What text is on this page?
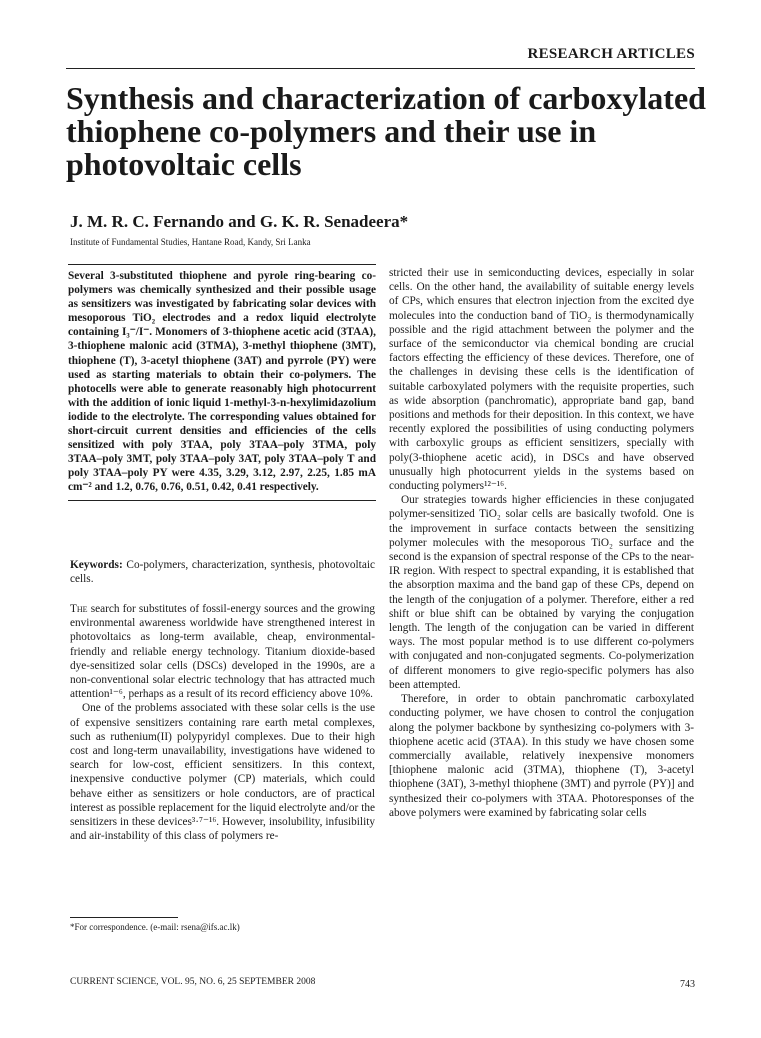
RESEARCH ARTICLES
Synthesis and characterization of carboxylated thiophene co-polymers and their use in photovoltaic cells
J. M. R. C. Fernando and G. K. R. Senadeera*
Institute of Fundamental Studies, Hantane Road, Kandy, Sri Lanka

Several 3-substituted thiophene and pyrole ring-bearing co-polymers was chemically synthesized and their possible usage as sensitizers was investigated by fabricating solar devices with mesoporous TiO₂ electrodes and a redox liquid electrolyte containing I₃⁻/I⁻. Monomers of 3-thiophene acetic acid (3TAA), 3-thiophene malonic acid (3TMA), 3-methyl thiophene (3MT), thiophene (T), 3-acetyl thiophene (3AT) and pyrrole (PY) were used as starting materials to obtain their co-polymers. The photocells were able to generate reasonably high photocurrent with the addition of ionic liquid 1-methyl-3-n-hexylimidazolium iodide to the electrolyte. The corresponding values obtained for short-circuit current densities and efficiencies of the cells sensitized with poly 3TAA, poly 3TAA–poly 3TMA, poly 3TAA–poly 3MT, poly 3TAA–poly 3AT, poly 3TAA–poly T and poly 3TAA–poly PY were 4.35, 3.29, 3.12, 2.97, 2.25, 1.85 mA cm⁻² and 1.2, 0.76, 0.76, 0.51, 0.42, 0.41 respectively.

Keywords: Co-polymers, characterization, synthesis, photovoltaic cells.

The search for substitutes of fossil-energy sources and the growing environmental awareness worldwide have strengthened interest in photovoltaics as long-term available, cheap, environmental-friendly and reliable energy technology. Titanium dioxide-based dye-sensitized solar cells (DSCs) developed in the 1990s, are a non-conventional solar electric technology that has attracted much attention¹⁻⁶, perhaps as a result of its record efficiency above 10%.

One of the problems associated with these solar cells is the use of expensive sensitizers containing rare earth metal complexes, such as ruthenium(II) polypyridyl complexes. Due to their high cost and long-term unavailability, investigations have widened to search for low-cost, efficient sensitizers. In this context, inexpensive conductive polymer (CP) materials, which could behave either as sensitizers or hole conductors, are of practical interest as possible replacement for the liquid electrolyte and/or the sensitizers in these devices³·⁷⁻¹⁶. However, insolubility, infusibility and air-instability of this class of polymers re-

stricted their use in semiconducting devices, especially in solar cells. On the other hand, the availability of suitable energy levels of CPs, which ensures that electron injection from the excited dye molecules into the conduction band of TiO₂ is thermodynamically possible and the rigid attachment between the polymer and the surface of the semiconductor via chemical bonding are crucial factors effecting the efficiency of these devices. Therefore, one of the challenges in devising these cells is the identification of suitable carboxylated polymers with the requisite properties, such as wide absorption (panchromatic), appropriate band gap, band positions and methods for their deposition. In this context, we have recently explored the possibilities of using conducting polymers with carboxylic groups as efficient sensitizers, specially with poly(3-thiophene acetic acid), in DSCs and have observed unusually high photocurrent yields in the systems based on conducting polymers¹²⁻¹⁶.

Our strategies towards higher efficiencies in these conjugated polymer-sensitized TiO₂ solar cells are basically twofold. One is the improvement in surface contacts between the sensitizing polymer molecules with the mesoporous TiO₂ surface and the second is the expansion of spectral response of the CPs to the near-IR region. With respect to spectral expanding, it is established that the absorption maxima and the band gap of these CPs, depend on the length of the conjugation of a polymer. Therefore, either a red shift or blue shift can be obtained by varying the conjugation length. The length of the conjugation can be varied in different ways. The most popular method is to use different co-polymers with conjugated and non-conjugated segments. Co-polymerization of different monomers to give regio-specific polymers has also been attempted.

Therefore, in order to obtain panchromatic carboxylated conducting polymer, we have chosen to control the conjugation along the polymer backbone by synthesizing co-polymers with 3-thiophene acetic acid (3TAA). In this study we have chosen some commercially available, relatively inexpensive monomers [thiophene malonic acid (3TMA), thiophene (T), 3-acetyl thiophene (3AT), 3-methyl thiophene (3MT) and pyrrole (PY)] and synthesized their co-polymers with 3TAA. Photoresponses of the above polymers were examined by fabricating solar cells

*For correspondence. (e-mail: rsena@ifs.ac.lk)
CURRENT SCIENCE, VOL. 95, NO. 6, 25 SEPTEMBER 2008	743
